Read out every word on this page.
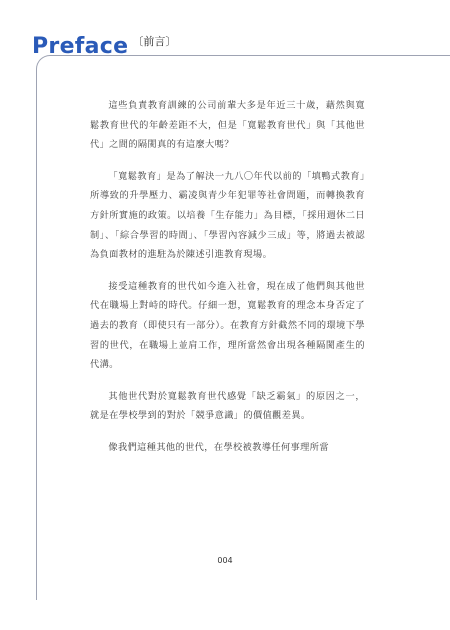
Preface 〔前言〕

這些負責教育訓練的公司前輩大多是年近三十歲，藉然與寬鬆教育世代的年齡差距不大，但是「寬鬆教育世代」與「其他世代」之間的隔閡真的有這麼大嗎？

「寬鬆教育」是為了解決一九八〇年代以前的「填鴨式教育」所導致的升學壓力、霸凌與青少年犯罪等社會問題，而轉換教育方針所實施的政策。以培養「生存能力」為目標，「採用週休二日制」、「綜合學習的時間」、「學習內容減少三成」等，將過去被認為負面教材的進駐為於陳述引進教育現場。

接受這種教育的世代如今進入社會，現在成了他們與其他世代在職場上對峙的時代。仔細一想，寬鬆教育的理念本身否定了過去的教育（即使只有一部分）。在教育方針截然不同的環境下學習的世代，在職場上並肩工作，理所當然會出現各種隔閡產生的代溝。

其他世代對於寬鬆教育世代感覺「缺乏霸氣」的原因之一，就是在學校學到的對於「競爭意識」的價值觀差異。

像我們這種其他的世代，在學校被教導任何事理所當

004
